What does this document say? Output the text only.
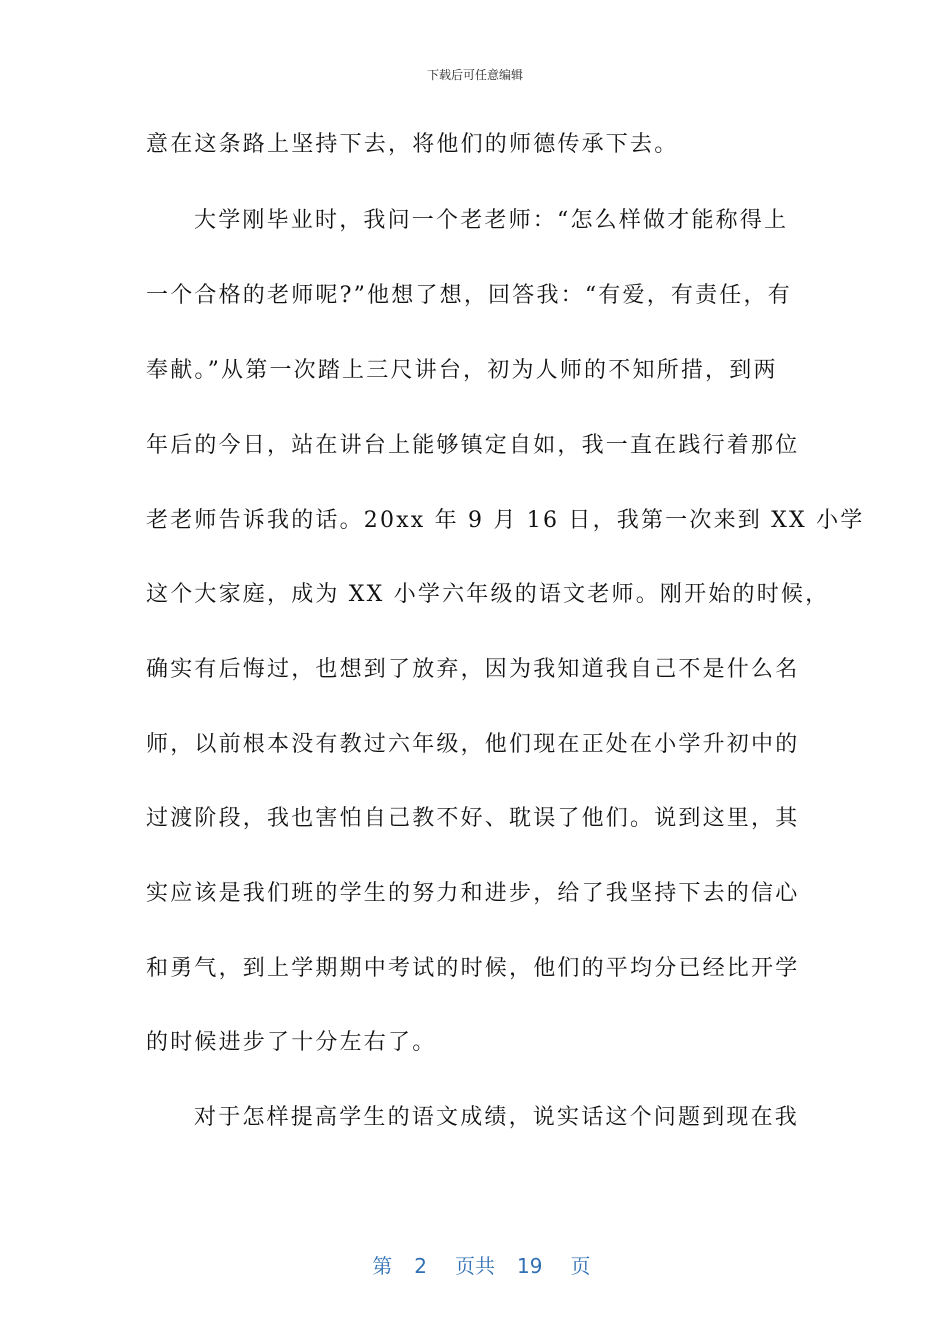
下载后可任意编辑
意在这条路上坚持下去，将他们的师德传承下去。
大学刚毕业时，我问一个老老师：“怎么样做才能称得上
一个合格的老师呢?”他想了想，回答我：“有爱，有责任，有
奉献。”从第一次踏上三尺讲台，初为人师的不知所措，到两
年后的今日，站在讲台上能够镇定自如，我一直在践行着那位
老老师告诉我的话。20xx 年 9 月 16 日，我第一次来到 XX 小学
这个大家庭，成为 XX 小学六年级的语文老师。刚开始的时候，
确实有后悔过，也想到了放弃，因为我知道我自己不是什么名
师，以前根本没有教过六年级，他们现在正处在小学升初中的
过渡阶段，我也害怕自己教不好、耽误了他们。说到这里，其
实应该是我们班的学生的努力和进步，给了我坚持下去的信心
和勇气，到上学期期中考试的时候，他们的平均分已经比开学
的时候进步了十分左右了。
对于怎样提高学生的语文成绩，说实话这个问题到现在我

第 2 页共 19 页
